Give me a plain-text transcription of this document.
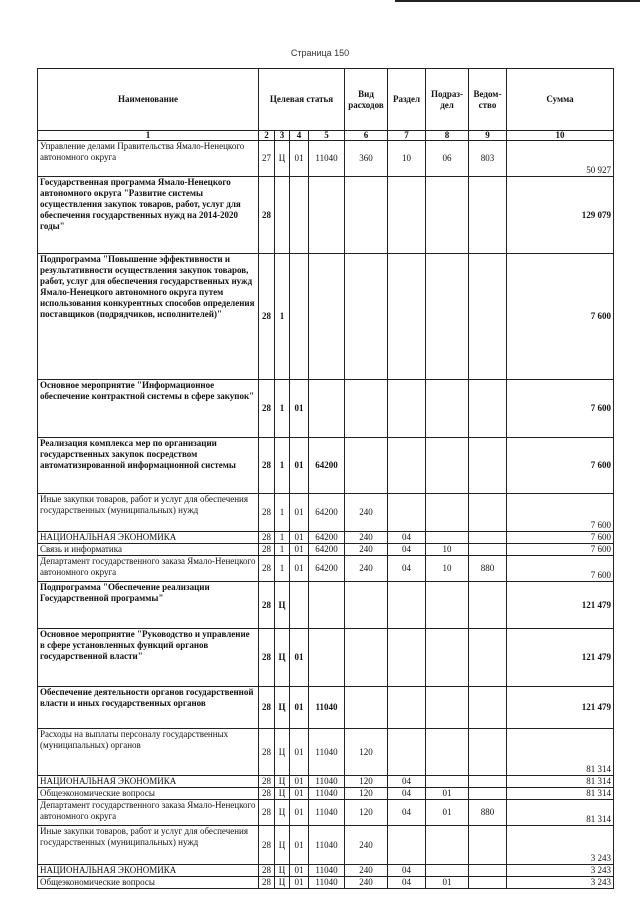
Страница 150
Наименование	Целевая статья				Вид расходов	Раздел	Подраз-дел	Ведом-ство	Сумма
1	2	3	4	5	6	7	8	9	10
Управление делами Правительства Ямало-Ненецкого автономного округа	27	Ц	01	11040	360	10	06	803	50 927
Государственная программа Ямало-Ненецкого автономного округа "Развитие системы осуществления закупок товаров, работ, услуг для обеспечения государственных нужд на 2014-2020 годы"	28								129 079
Подпрограмма "Повышение эффективности и результативности осуществления закупок товаров, работ, услуг для обеспечения государственных нужд Ямало-Ненецкого автономного округа путем использования конкурентных способов определения поставщиков (подрядчиков, исполнителей)"	28	1							7 600
Основное мероприятие "Информационное обеспечение контрактной системы в сфере закупок"	28	1	01						7 600
Реализация комплекса мер по организации государственных закупок посредством автоматизированной информационной системы	28	1	01	64200					7 600
Иные закупки товаров, работ и услуг для обеспечения государственных (муниципальных) нужд	28	1	01	64200	240				7 600
НАЦИОНАЛЬНАЯ ЭКОНОМИКА	28	1	01	64200	240	04			7 600
Связь и информатика	28	1	01	64200	240	04	10		7 600
Департамент государственного заказа Ямало-Ненецкого автономного округа	28	1	01	64200	240	04	10	880	7 600
Подпрограмма "Обеспечение реализации Государственной программы"	28	Ц							121 479
Основное мероприятие "Руководство и управление в сфере установленных функций органов государственной власти"	28	Ц	01						121 479
Обеспечение деятельности органов государственной власти и иных государственных органов	28	Ц	01	11040					121 479
Расходы на выплаты персоналу государственных (муниципальных) органов	28	Ц	01	11040	120				81 314
НАЦИОНАЛЬНАЯ ЭКОНОМИКА	28	Ц	01	11040	120	04			81 314
Общеэкономические вопросы	28	Ц	01	11040	120	04	01		81 314
Департамент государственного заказа Ямало-Ненецкого автономного округа	28	Ц	01	11040	120	04	01	880	81 314
Иные закупки товаров, работ и услуг для обеспечения государственных (муниципальных) нужд	28	Ц	01	11040	240				3 243
НАЦИОНАЛЬНАЯ ЭКОНОМИКА	28	Ц	01	11040	240	04			3 243
Общеэкономические вопросы	28	Ц	01	11040	240	04	01		3 243
